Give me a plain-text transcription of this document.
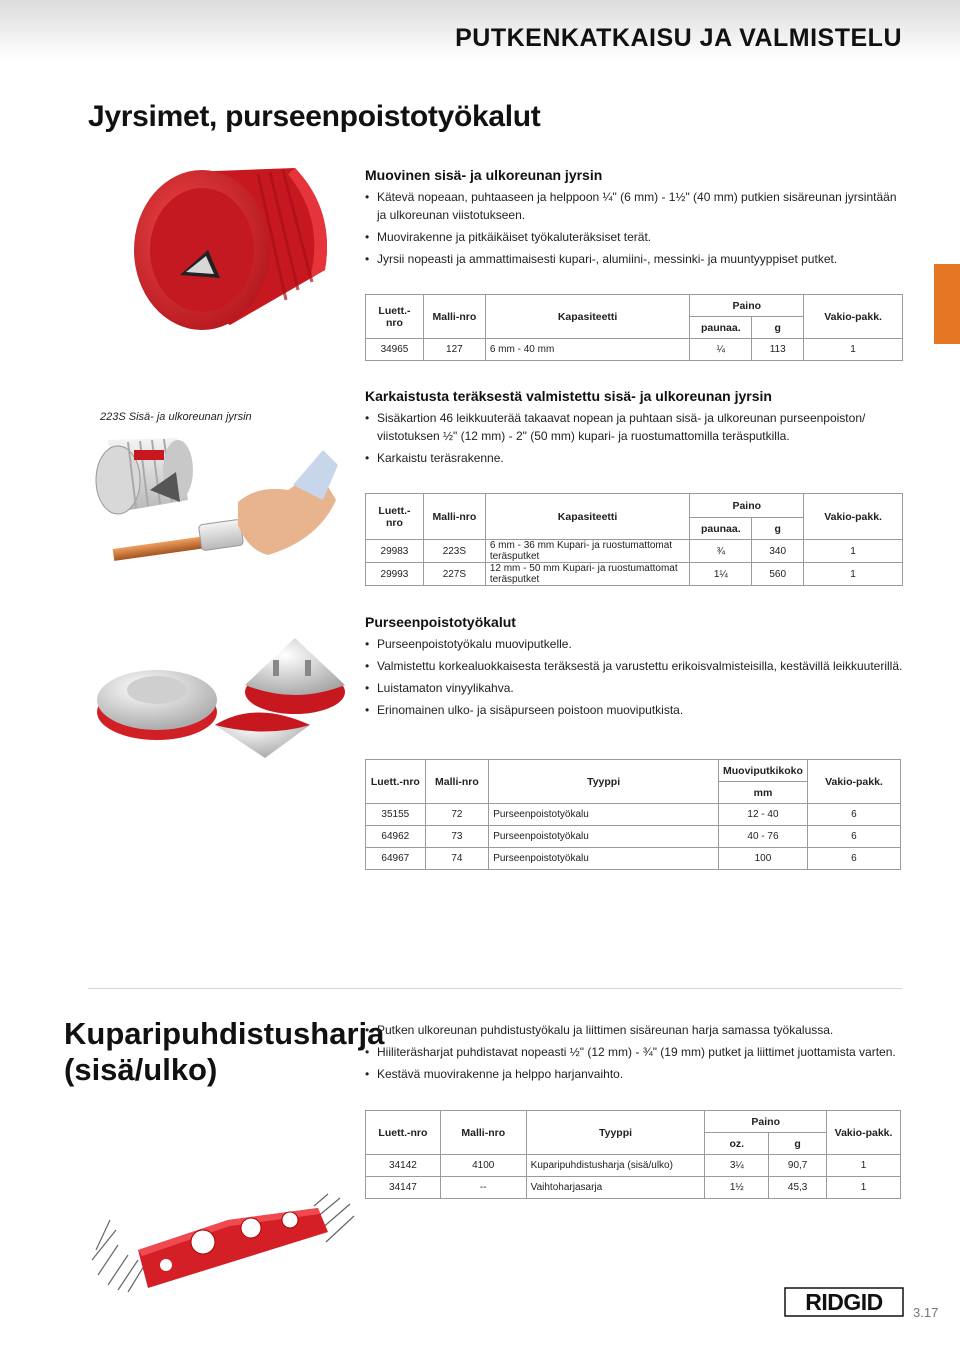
PUTKENKATKAISU JA VALMISTELU
Jyrsimet, purseenpoistotyökalut
Muovinen sisä- ja ulkoreunan jyrsin
• Kätevä nopeaan, puhtaaseen ja helppoon ¼" (6 mm) - 1½" (40 mm) putkien sisäreunan jyrsintään ja ulkoreunan viistotukseen.
• Muovirakenne ja pitkäikäiset työkaluteräksiset terät.
• Jyrsii nopeasti ja ammattimaisesti kupari-, alumiini-, messinki- ja muuntyyppiset putket.
Luett.-nro	Malli-nro	Kapasiteetti	Paino		Vakio-pakk.
			paunaa.	g	
34965	127	6 mm - 40 mm	¼	113	1
223S Sisä- ja ulkoreunan jyrsin
Karkaistusta teräksestä valmistettu sisä- ja ulkoreunan jyrsin
• Sisäkartion 46 leikkuuterää takaavat nopean ja puhtaan sisä- ja ulkoreunan purseenpoiston/ viistotuksen ½" (12 mm) - 2" (50 mm) kupari- ja ruostumattomilla teräsputkilla.
• Karkaistu teräsrakenne.
Luett.-nro	Malli-nro	Kapasiteetti	Paino		Vakio-pakk.
			paunaa.	g	
29983	223S	6 mm - 36 mm Kupari- ja ruostumattomat teräsputket	¾	340	1
29993	227S	12 mm - 50 mm Kupari- ja ruostumattomat teräsputket	1¼	560	1
Purseenpoistotyökalut
• Purseenpoistotyökalu muoviputkelle.
• Valmistettu korkealuokkaisesta teräksestä ja varustettu erikoisvalmisteisilla, kestävillä leikkuuterillä.
• Luistamaton vinyylikahva.
• Erinomainen ulko- ja sisäpurseen poistoon muoviputkista.
Luett.-nro	Malli-nro	Tyyppi	Muoviputkikoko	Vakio-pakk.
			mm	
35155	72	Purseenpoistotyökalu	12 - 40	6
64962	73	Purseenpoistotyökalu	40 - 76	6
64967	74	Purseenpoistotyökalu	100	6
Kuparipuhdistusharja
(sisä/ulko)
• Putken ulkoreunan puhdistustyökalu ja liittimen sisäreunan harja samassa työkalussa.
• Hiiliteräsharjat puhdistavat nopeasti ½" (12 mm) - ¾" (19 mm) putket ja liittimet juottamista varten.
• Kestävä muovirakenne ja helppo harjanvaihto.
Luett.-nro	Malli-nro	Tyyppi	Paino		Vakio-pakk.
			oz.	g	
34142	4100	Kuparipuhdistusharja (sisä/ulko)	3¼	90,7	1
34147	--	Vaihtoharjasarja	1½	45,3	1
RIDGID 3.17
